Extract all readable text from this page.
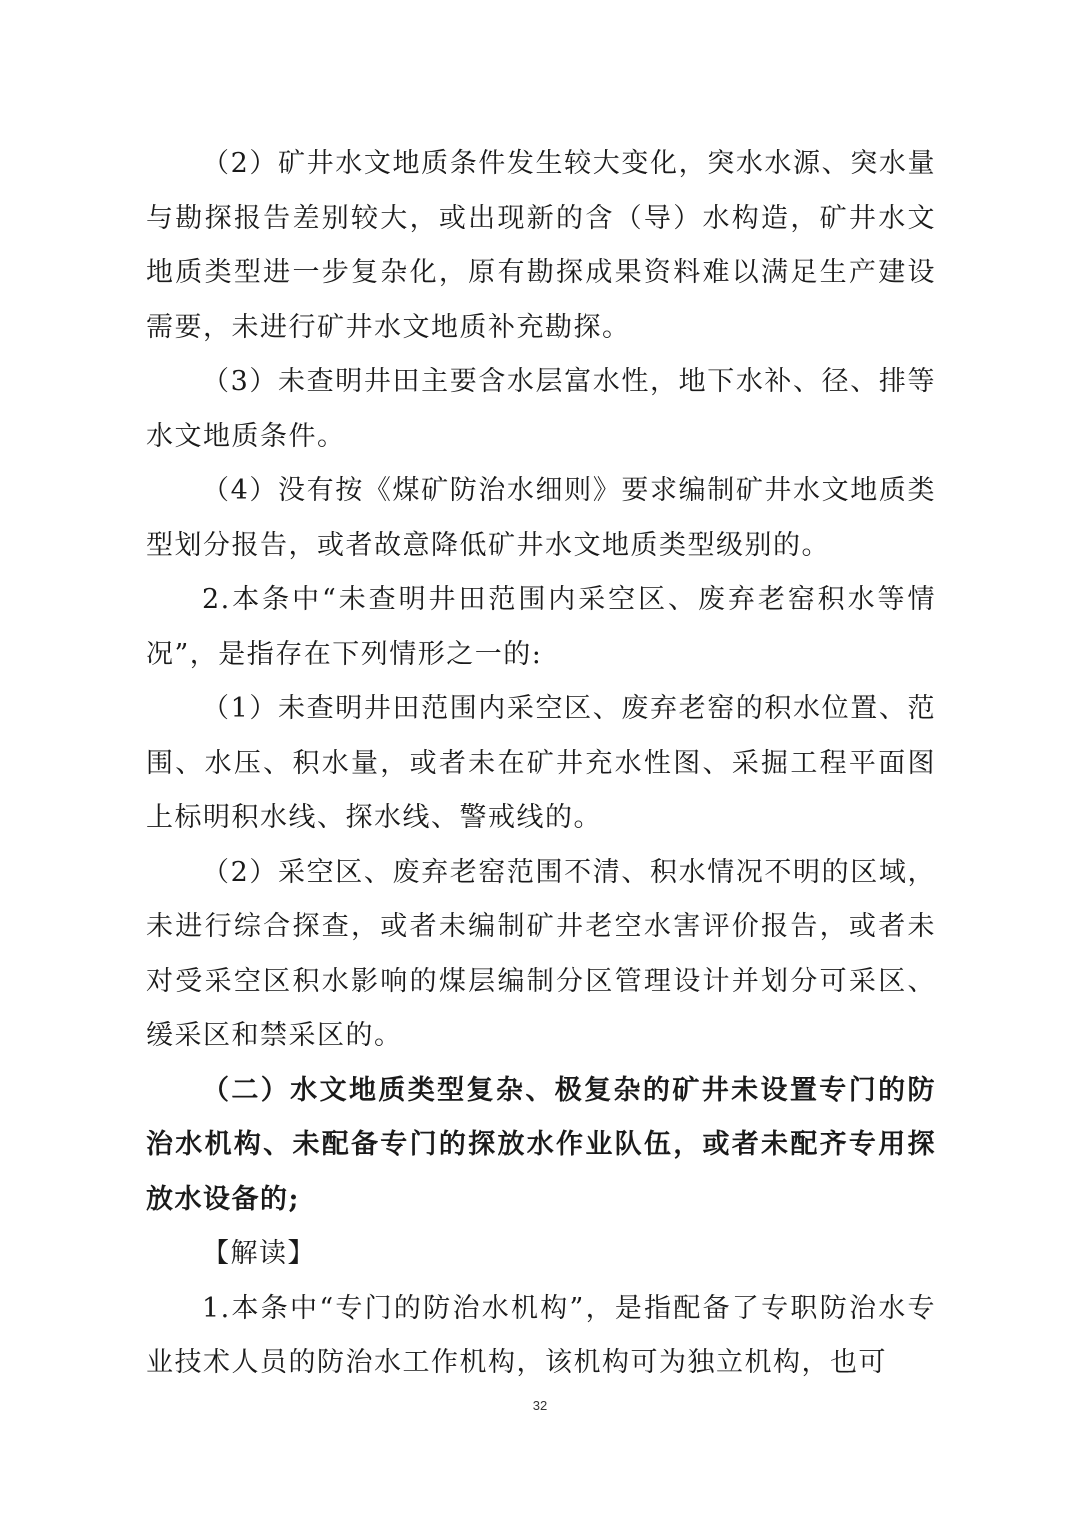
（2）矿井水文地质条件发生较大变化，突水水源、突水量与勘探报告差别较大，或出现新的含（导）水构造，矿井水文地质类型进一步复杂化，原有勘探成果资料难以满足生产建设需要，未进行矿井水文地质补充勘探。

（3）未查明井田主要含水层富水性，地下水补、径、排等水文地质条件。

（4）没有按《煤矿防治水细则》要求编制矿井水文地质类型划分报告，或者故意降低矿井水文地质类型级别的。

2.本条中“未查明井田范围内采空区、废弃老窑积水等情况”，是指存在下列情形之一的:

（1）未查明井田范围内采空区、废弃老窑的积水位置、范围、水压、积水量，或者未在矿井充水性图、采掘工程平面图上标明积水线、探水线、警戒线的。

（2）采空区、废弃老窑范围不清、积水情况不明的区域，未进行综合探查，或者未编制矿井老空水害评价报告，或者未对受采空区积水影响的煤层编制分区管理设计并划分可采区、缓采区和禁采区的。

（二）水文地质类型复杂、极复杂的矿井未设置专门的防治水机构、未配备专门的探放水作业队伍，或者未配齐专用探放水设备的;

【解读】

1.本条中“专门的防治水机构”，是指配备了专职防治水专业技术人员的防治水工作机构，该机构可为独立机构，也可

32
